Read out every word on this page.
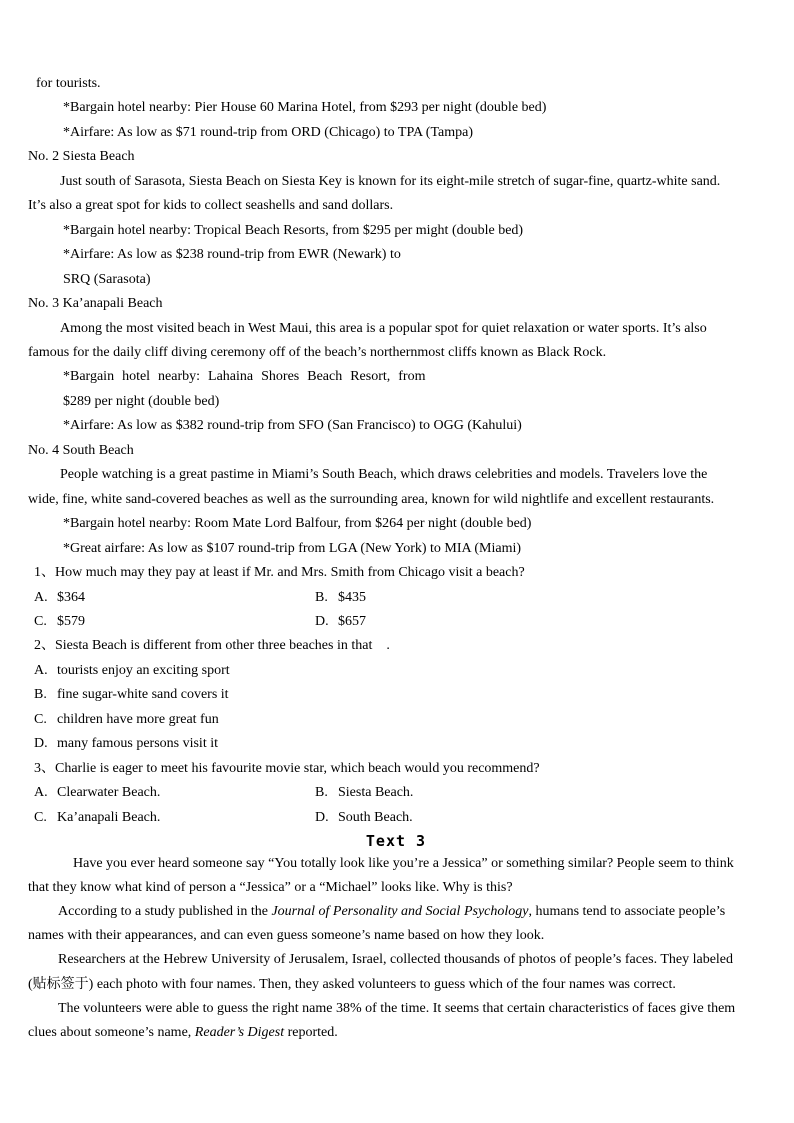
for tourists.
*Bargain hotel nearby: Pier House 60 Marina Hotel, from $293 per night (double bed)
*Airfare: As low as $71 round-trip from ORD (Chicago) to TPA (Tampa)
No. 2 Siesta Beach
Just south of Sarasota, Siesta Beach on Siesta Key is known for its eight-mile stretch of sugar-fine, quartz-white sand.
It’s also a great spot for kids to collect seashells and sand dollars.
*Bargain hotel nearby: Tropical Beach Resorts, from $295 per might (double bed)
*Airfare: As low as $238 round-trip from EWR (Newark) to
SRQ (Sarasota)
No. 3 Ka’anapali Beach
Among the most visited beach in West Maui, this area is a popular spot for quiet relaxation or water sports. It’s also
famous for the daily cliff diving ceremony off of the beach’s northernmost cliffs known as Black Rock.
*Bargain hotel nearby: Lahaina Shores Beach Resort, from
$289 per night (double bed)
*Airfare: As low as $382 round-trip from SFO (San Francisco) to OGG (Kahului)
No. 4 South Beach
People watching is a great pastime in Miami’s South Beach, which draws celebrities and models. Travelers love the
wide, fine, white sand-covered beaches as well as the surrounding area, known for wild nightlife and excellent restaurants.
*Bargain hotel nearby: Room Mate Lord Balfour, from $264 per night (double bed)
*Great airfare: As low as $107 round-trip from LGA (New York) to MIA (Miami)
1、How much may they pay at least if Mr. and Mrs. Smith from Chicago visit a beach?
A. $364	B. $435
C. $579	D. $657
2、Siesta Beach is different from other three beaches in that    .
A. tourists enjoy an exciting sport
B. fine sugar-white sand covers it
C. children have more great fun
D. many famous persons visit it
3、Charlie is eager to meet his favourite movie star, which beach would you recommend?
A. Clearwater Beach.	B. Siesta Beach.
C. Ka’anapali Beach.	D. South Beach.
Text 3
Have you ever heard someone say “You totally look like you’re a Jessica” or something similar? People seem to think
that they know what kind of person a “Jessica” or a “Michael” looks like. Why is this?
According to a study published in the Journal of Personality and Social Psychology, humans tend to associate people’s
names with their appearances, and can even guess someone’s name based on how they look.
Researchers at the Hebrew University of Jerusalem, Israel, collected thousands of photos of people’s faces. They labeled
(贴标签于) each photo with four names. Then, they asked volunteers to guess which of the four names was correct.
The volunteers were able to guess the right name 38% of the time. It seems that certain characteristics of faces give them
clues about someone’s name, Reader’s Digest reported.
